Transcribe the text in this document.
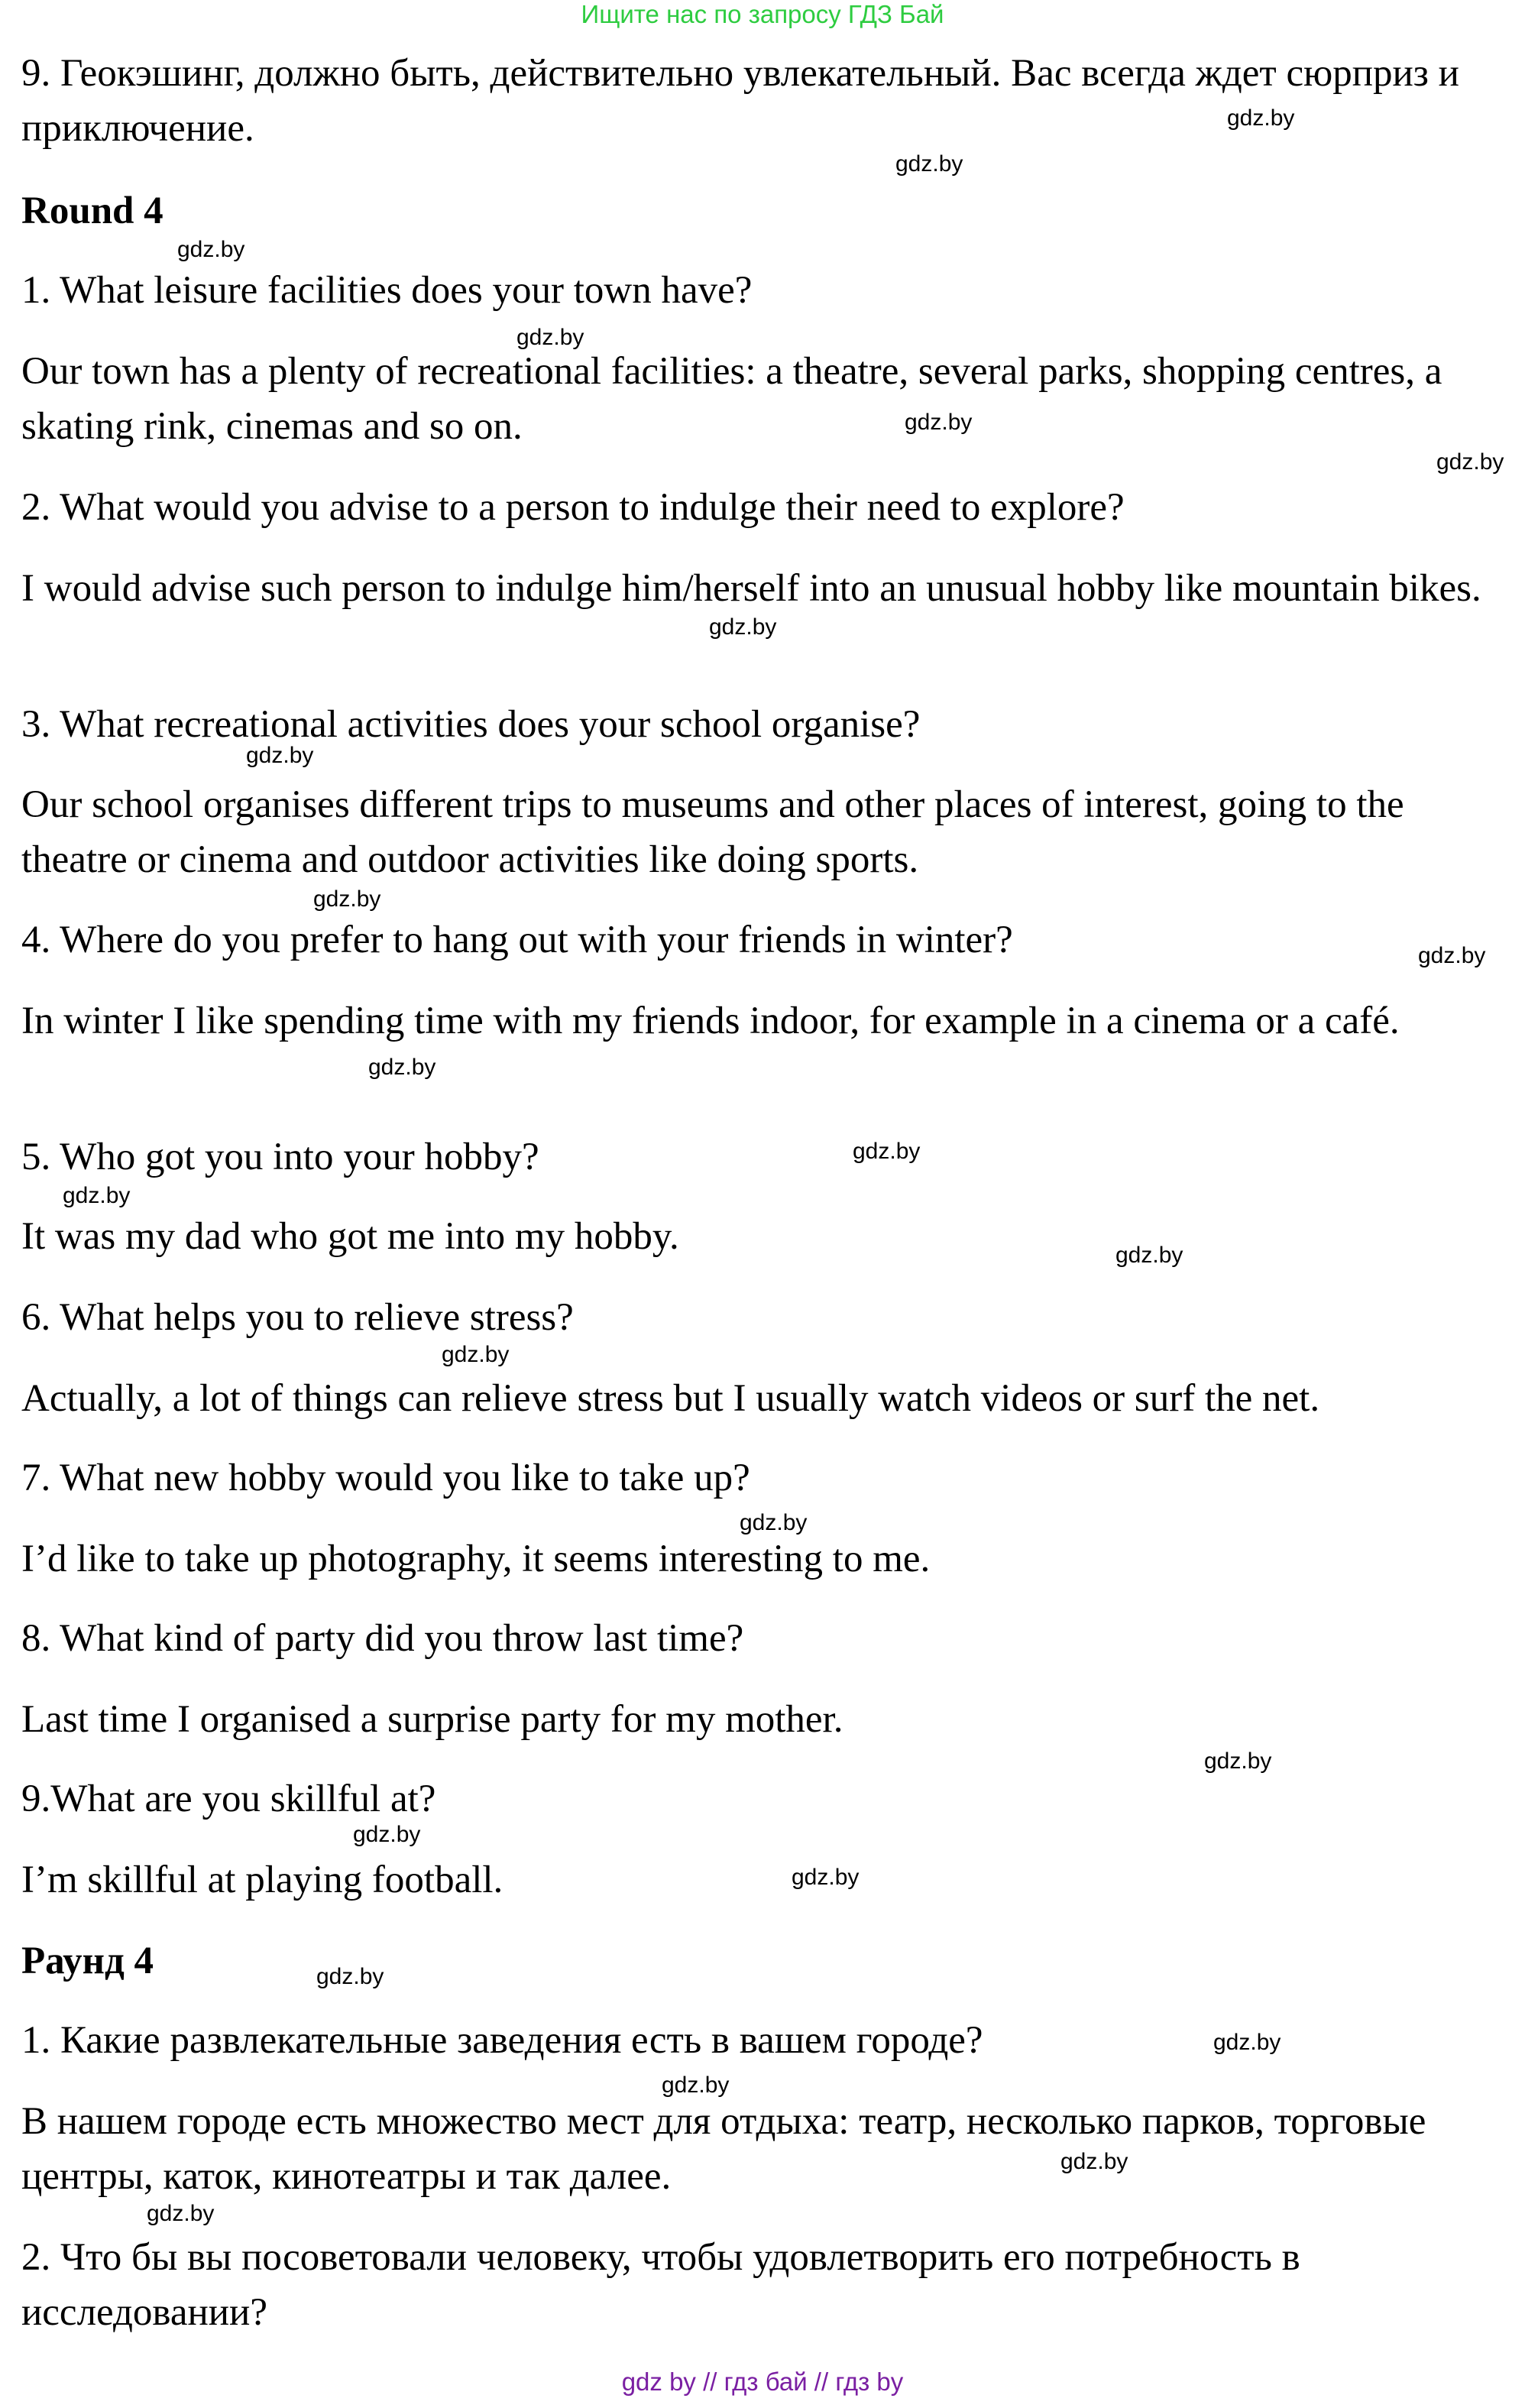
Ищите нас по запросу ГДЗ Бай

9. Геокэшинг, должно быть, действительно увлекательный. Вас всегда ждет сюрприз и приключение.

Round 4

1. What leisure facilities does your town have?

Our town has a plenty of recreational facilities: a theatre, several parks, shopping centres, a skating rink, cinemas and so on.

2. What would you advise to a person to indulge their need to explore?

I would advise such person to indulge him/herself into an unusual hobby like mountain bikes.

3. What recreational activities does your school organise?

Our school organises different trips to museums and other places of interest, going to the theatre or cinema and outdoor activities like doing sports.

4. Where do you prefer to hang out with your friends in winter?

In winter I like spending time with my friends indoor, for example in a cinema or a café.

5. Who got you into your hobby?

It was my dad who got me into my hobby.

6. What helps you to relieve stress?

Actually, a lot of things can relieve stress but I usually watch videos or surf the net.

7. What new hobby would you like to take up?

I’d like to take up photography, it seems interesting to me.

8. What kind of party did you throw last time?

Last time I organised a surprise party for my mother.

9.What are you skillful at?

I’m skillful at playing football.

Раунд 4

1. Какие развлекательные заведения есть в вашем городе?

В нашем городе есть множество мест для отдыха: театр, несколько парков, торговые центры, каток, кинотеатры и так далее.

2. Что бы вы посоветовали человеку, чтобы удовлетворить его потребность в исследовании?

gdz.by
gdz.by
gdz.by
gdz.by
gdz.by
gdz.by
gdz.by
gdz.by
gdz.by
gdz.by
gdz.by
gdz.by
gdz.by
gdz.by
gdz.by
gdz.by
gdz.by
gdz.by
gdz.by
gdz.by
gdz.by
gdz.by
gdz.by
gdz.by
gdz by // гдз бай // гдз by
